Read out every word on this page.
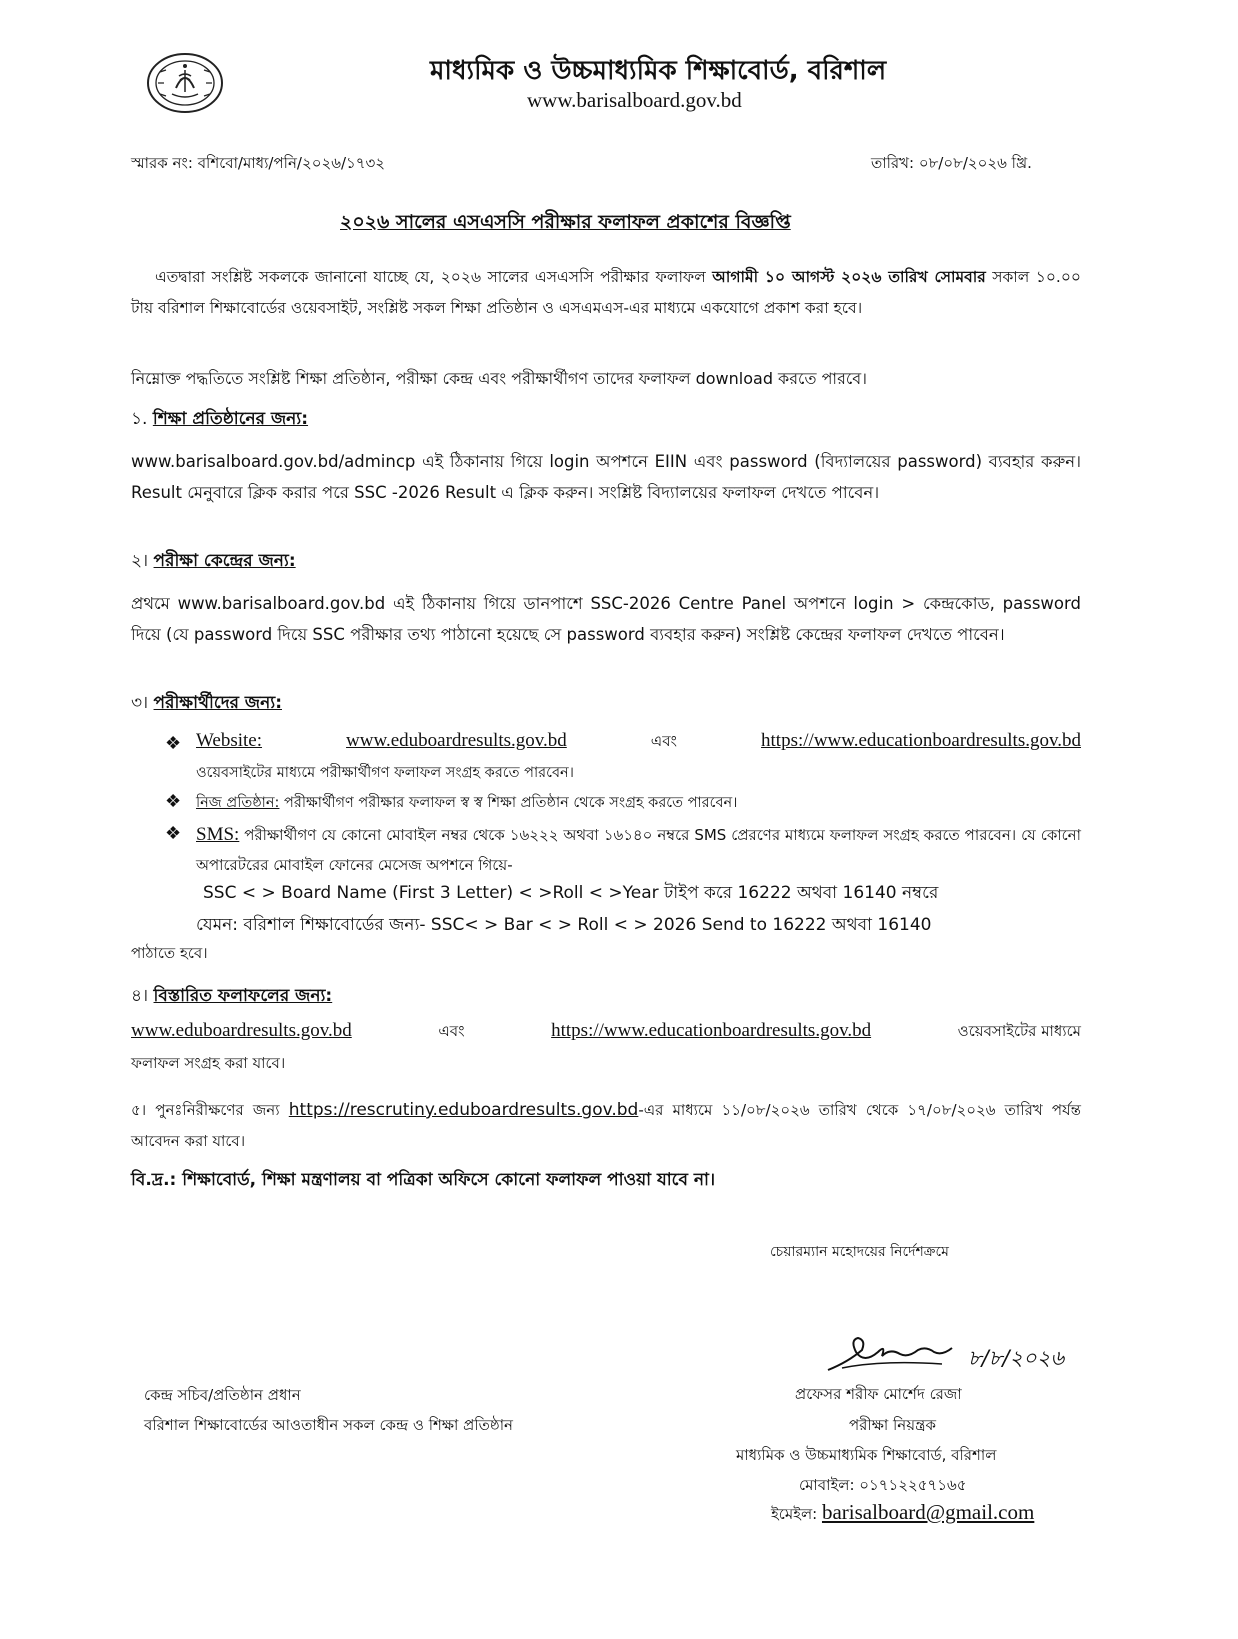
মাধ্যমিক ও উচ্চমাধ্যমিক শিক্ষাবোর্ড, বরিশাল
www.barisalboard.gov.bd
স্মারক নং: বশিবো/মাধ্য/পনি/২০২৬/১৭৩২	তারিখ: ০৮/০৮/২০২৬ খ্রি.
২০২৬ সালের এসএসসি পরীক্ষার ফলাফল প্রকাশের বিজ্ঞপ্তি

এতদ্বারা সংশ্লিষ্ট সকলকে জানানো যাচ্ছে যে, ২০২৬ সালের এসএসসি পরীক্ষার ফলাফল আগামী ১০ আগস্ট ২০২৬ তারিখ সোমবার সকাল ১০.০০ টায় বরিশাল শিক্ষাবোর্ডের ওয়েবসাইট, সংশ্লিষ্ট সকল শিক্ষা প্রতিষ্ঠান ও এসএমএস-এর মাধ্যমে একযোগে প্রকাশ করা হবে।

নিম্নোক্ত পদ্ধতিতে সংশ্লিষ্ট শিক্ষা প্রতিষ্ঠান, পরীক্ষা কেন্দ্র এবং পরীক্ষার্থীগণ তাদের ফলাফল download করতে পারবে।

১. শিক্ষা প্রতিষ্ঠানের জন্য:

www.barisalboard.gov.bd/admincp এই ঠিকানায় গিয়ে login অপশনে EIIN এবং password (বিদ্যালয়ের password) ব্যবহার করুন। Result মেনুবারে ক্লিক করার পরে SSC -2026 Result এ ক্লিক করুন। সংশ্লিষ্ট বিদ্যালয়ের ফলাফল দেখতে পাবেন।

২। পরীক্ষা কেন্দ্রের জন্য:

প্রথমে www.barisalboard.gov.bd এই ঠিকানায় গিয়ে ডানপাশে SSC-2026 Centre Panel অপশনে login > কেন্দ্রকোড, password দিয়ে (যে password দিয়ে SSC পরীক্ষার তথ্য পাঠানো হয়েছে সে password ব্যবহার করুন) সংশ্লিষ্ট কেন্দ্রের ফলাফল দেখতে পাবেন।

৩। পরীক্ষার্থীদের জন্য:
❖ Website:	www.eduboardresults.gov.bd	এবং	https://www.educationboardresults.gov.bd
ওয়েবসাইটের মাধ্যমে পরীক্ষার্থীগণ ফলাফল সংগ্রহ করতে পারবেন।
❖ নিজ প্রতিষ্ঠান: পরীক্ষার্থীগণ পরীক্ষার ফলাফল স্ব স্ব শিক্ষা প্রতিষ্ঠান থেকে সংগ্রহ করতে পারবেন।
❖ SMS: পরীক্ষার্থীগণ যে কোনো মোবাইল নম্বর থেকে ১৬২২২ অথবা ১৬১৪০ নম্বরে SMS প্রেরণের মাধ্যমে ফলাফল সংগ্রহ করতে পারবেন। যে কোনো অপারেটরের মোবাইল ফোনের মেসেজ অপশনে গিয়ে-

SSC < > Board Name (First 3 Letter) < >Roll < >Year টাইপ করে 16222 অথবা 16140 নম্বরে
যেমন: বরিশাল শিক্ষাবোর্ডের জন্য- SSC< > Bar < > Roll < > 2026 Send to 16222 অথবা 16140
পাঠাতে হবে।
৪। বিস্তারিত ফলাফলের জন্য:
www.eduboardresults.gov.bd	এবং	https://www.educationboardresults.gov.bd	ওয়েবসাইটের মাধ্যমে
ফলাফল সংগ্রহ করা যাবে।

৫। পুনঃনিরীক্ষণের জন্য https://rescrutiny.eduboardresults.gov.bd-এর মাধ্যমে ১১/০৮/২০২৬ তারিখ থেকে ১৭/০৮/২০২৬ তারিখ পর্যন্ত আবেদন করা যাবে।

বি.দ্র.: শিক্ষাবোর্ড, শিক্ষা মন্ত্রণালয় বা পত্রিকা অফিসে কোনো ফলাফল পাওয়া যাবে না।
চেয়ারম্যান মহোদয়ের নির্দেশক্রমে
৮/৮/২০২৬
কেন্দ্র সচিব/প্রতিষ্ঠান প্রধান
বরিশাল শিক্ষাবোর্ডের আওতাধীন সকল কেন্দ্র ও শিক্ষা প্রতিষ্ঠান
প্রফেসর শরীফ মোর্শেদ রেজা
পরীক্ষা নিয়ন্ত্রক
মাধ্যমিক ও উচ্চমাধ্যমিক শিক্ষাবোর্ড, বরিশাল
মোবাইল: ০১৭১২২৫৭১৬৫
ইমেইল: barisalboard@gmail.com
